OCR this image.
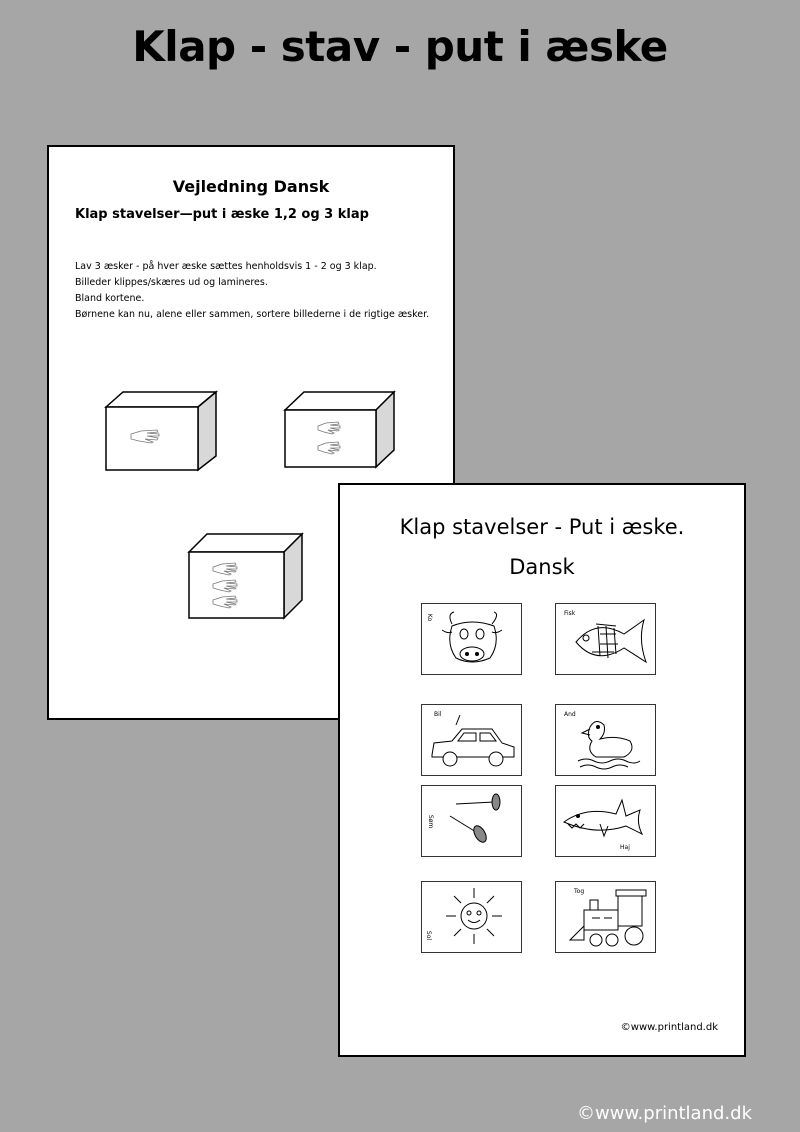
Klap - stav - put i æske
Vejledning Dansk
Klap stavelser—put i æske 1,2 og 3 klap
Lav 3 æsker - på hver æske sættes henholdsvis 1 - 2 og 3 klap.
Billeder klippes/skæres ud og lamineres.
Bland kortene.
Børnene kan nu, alene eller sammen, sortere billederne i de rigtige æsker.
Klap stavelser - Put i æske.
Dansk
Ko
Fisk
Bil	And
Søm
Haj
Sol
Tog
©www.printland.dk
©www.printland.dk
